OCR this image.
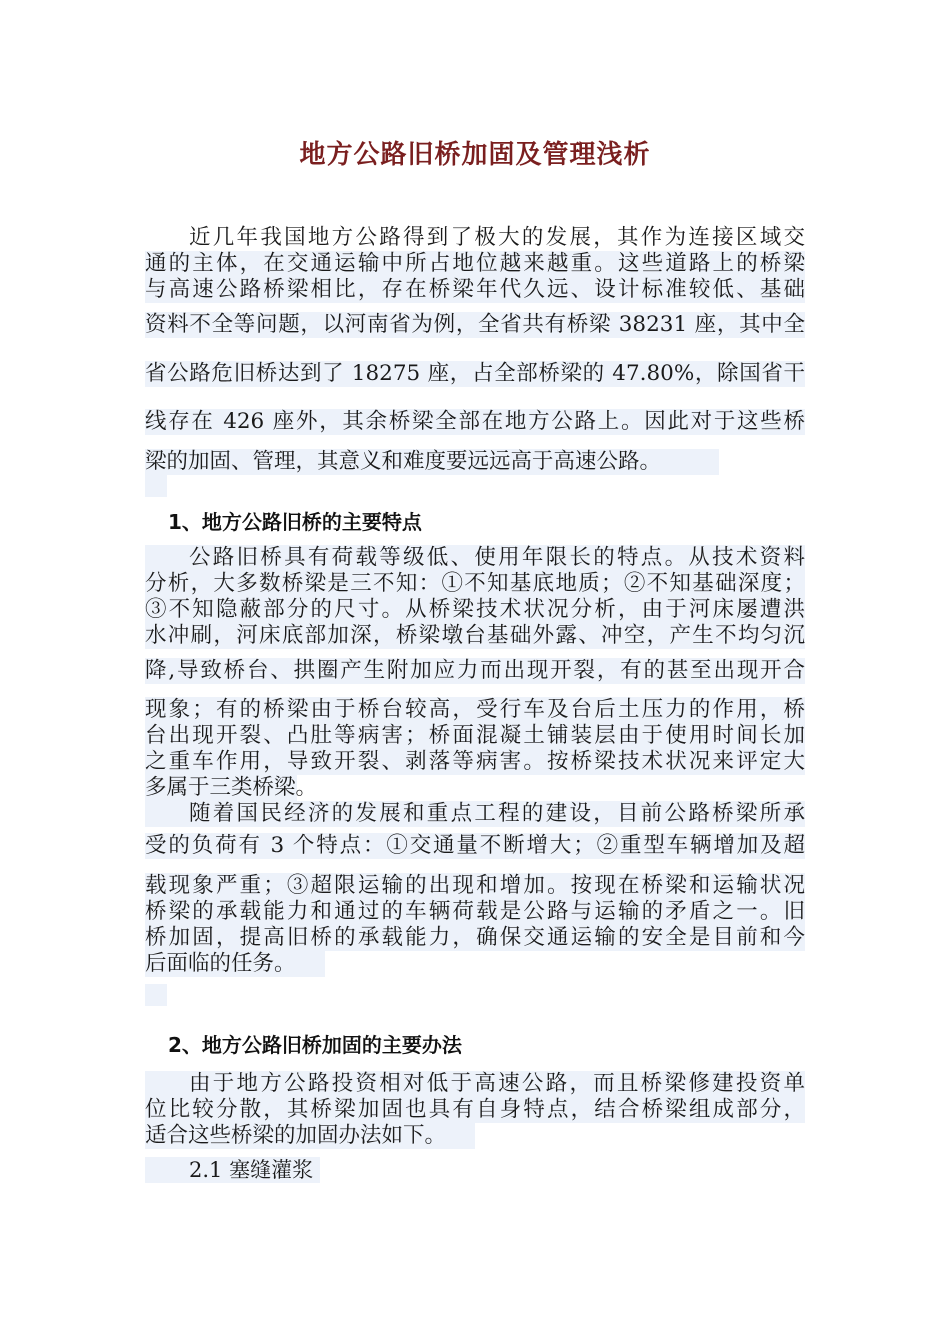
地方公路旧桥加固及管理浅析
近几年我国地方公路得到了极大的发展，其作为连接区域交
通的主体，在交通运输中所占地位越来越重。这些道路上的桥梁
与高速公路桥梁相比，存在桥梁年代久远、设计标准较低、基础
资料不全等问题，以河南省为例，全省共有桥梁 38231 座，其中全
省公路危旧桥达到了 18275 座，占全部桥梁的 47.80%，除国省干
线存在 426 座外，其余桥梁全部在地方公路上。因此对于这些桥
梁的加固、管理，其意义和难度要远远高于高速公路。
1、地方公路旧桥的主要特点
公路旧桥具有荷载等级低、使用年限长的特点。从技术资料
分析，大多数桥梁是三不知：①不知基底地质；②不知基础深度；
③不知隐蔽部分的尺寸。从桥梁技术状况分析，由于河床屡遭洪
水冲刷，河床底部加深，桥梁墩台基础外露、冲空，产生不均匀沉
降,导致桥台、拱圈产生附加应力而出现开裂，有的甚至出现开合
现象；有的桥梁由于桥台较高，受行车及台后土压力的作用，桥
台出现开裂、凸肚等病害；桥面混凝土铺装层由于使用时间长加
之重车作用，导致开裂、剥落等病害。按桥梁技术状况来评定大
多属于三类桥梁。
随着国民经济的发展和重点工程的建设，目前公路桥梁所承
受的负荷有 3 个特点：①交通量不断增大；②重型车辆增加及超
载现象严重；③超限运输的出现和增加。按现在桥梁和运输状况
桥梁的承载能力和通过的车辆荷载是公路与运输的矛盾之一。旧
桥加固，提高旧桥的承载能力，确保交通运输的安全是目前和今
后面临的任务。
2、地方公路旧桥加固的主要办法
由于地方公路投资相对低于高速公路，而且桥梁修建投资单
位比较分散，其桥梁加固也具有自身特点，结合桥梁组成部分，
适合这些桥梁的加固办法如下。
2.1 塞缝灌浆
